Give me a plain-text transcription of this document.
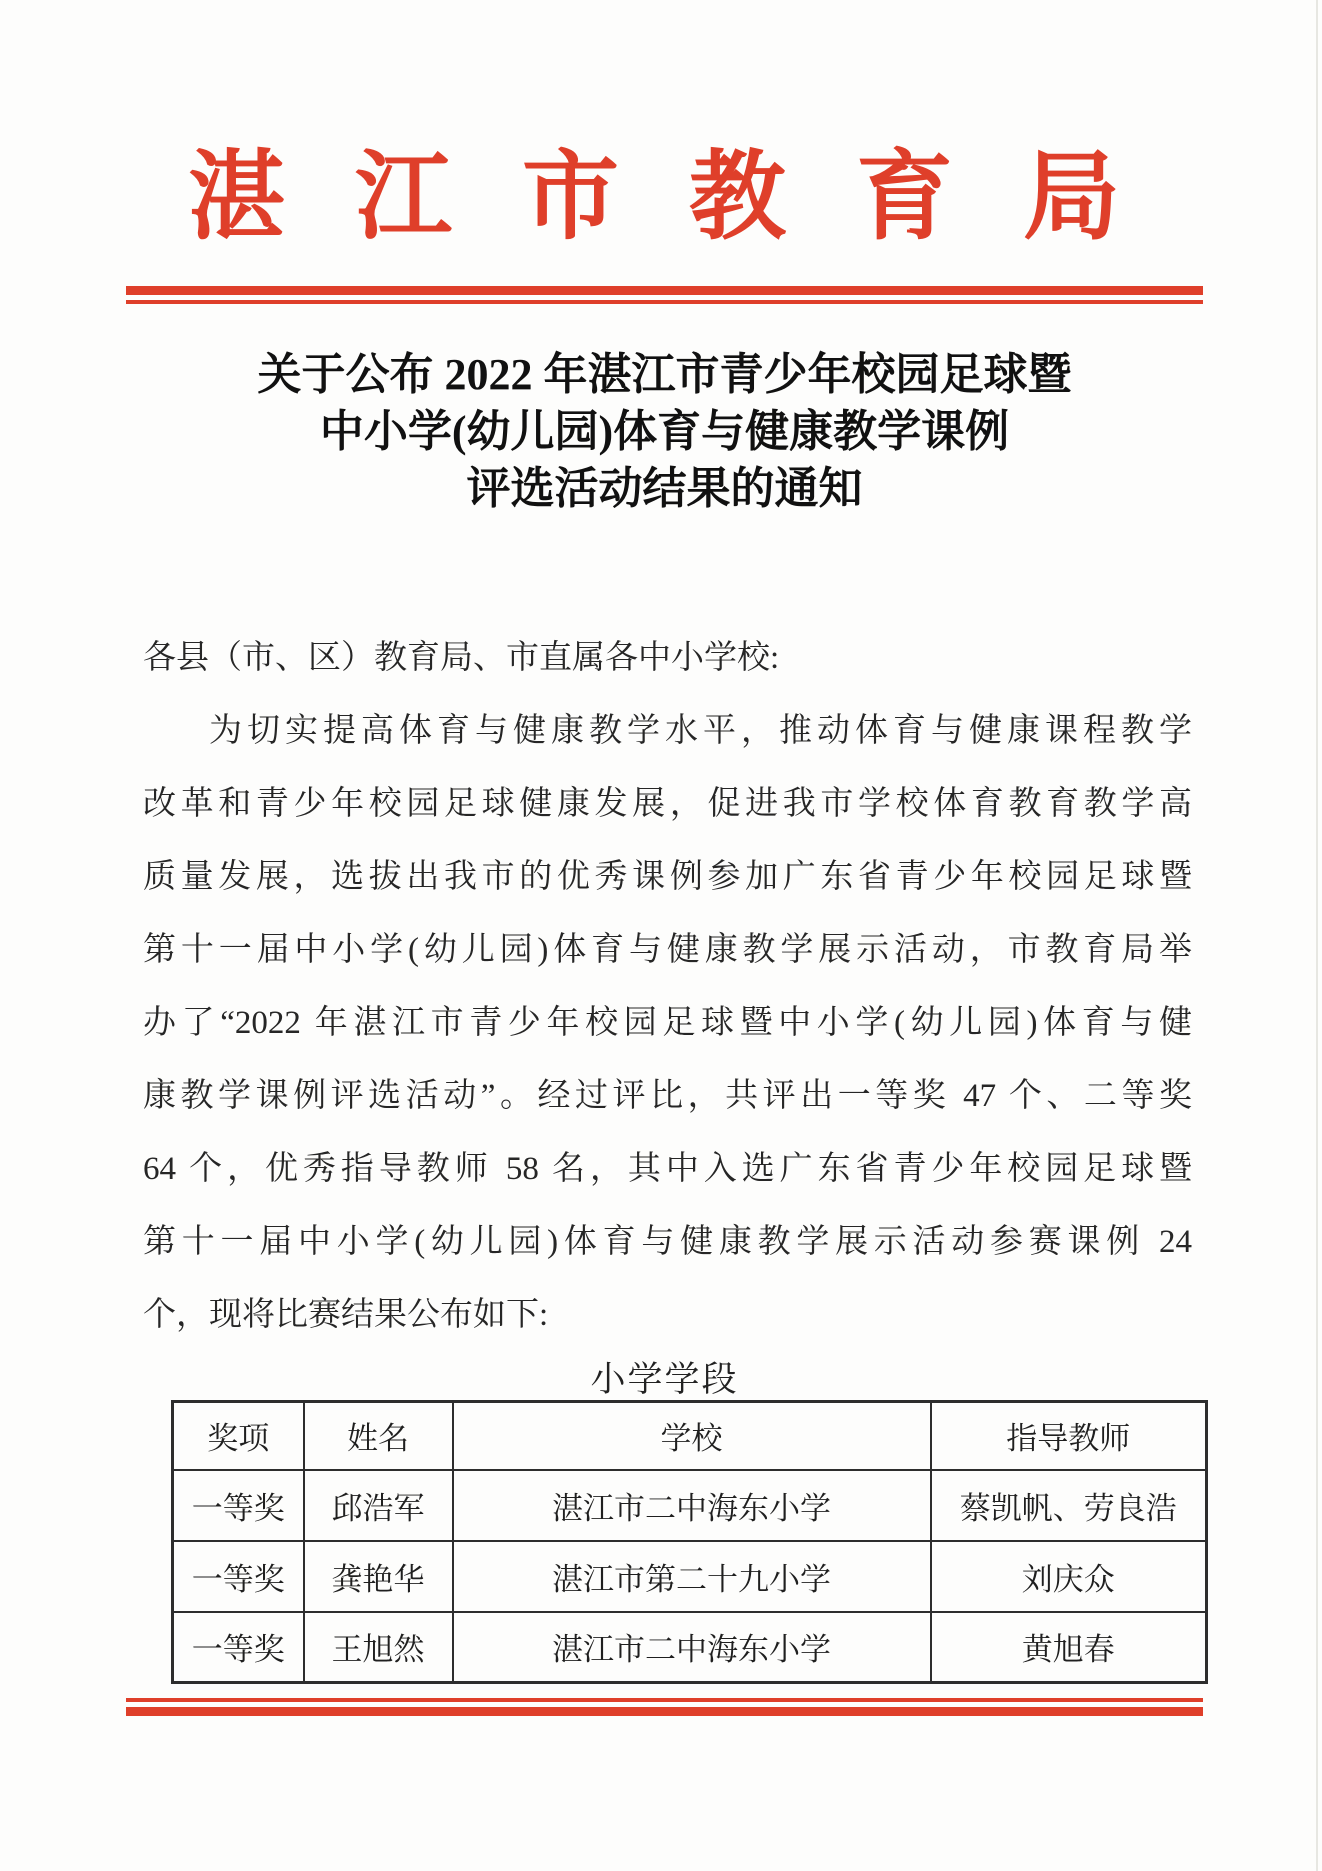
湛江市教育局
关于公布 2022 年湛江市青少年校园足球暨
中小学(幼儿园)体育与健康教学课例
评选活动结果的通知
各县（市、区）教育局、市直属各中小学校:
为切实提高体育与健康教学水平，推动体育与健康课程教学
改革和青少年校园足球健康发展，促进我市学校体育教育教学高
质量发展，选拔出我市的优秀课例参加广东省青少年校园足球暨
第十一届中小学(幼儿园)体育与健康教学展示活动，市教育局举
办了“2022 年湛江市青少年校园足球暨中小学(幼儿园)体育与健
康教学课例评选活动”。经过评比，共评出一等奖 47 个、二等奖
64 个，优秀指导教师 58 名，其中入选广东省青少年校园足球暨
第十一届中小学(幼儿园)体育与健康教学展示活动参赛课例 24
个，现将比赛结果公布如下:
小学学段
奖项	姓名	学校	指导教师
一等奖	邱浩军	湛江市二中海东小学	蔡凯帆、劳良浩
一等奖	龚艳华	湛江市第二十九小学	刘庆众
一等奖	王旭然	湛江市二中海东小学	黄旭春
